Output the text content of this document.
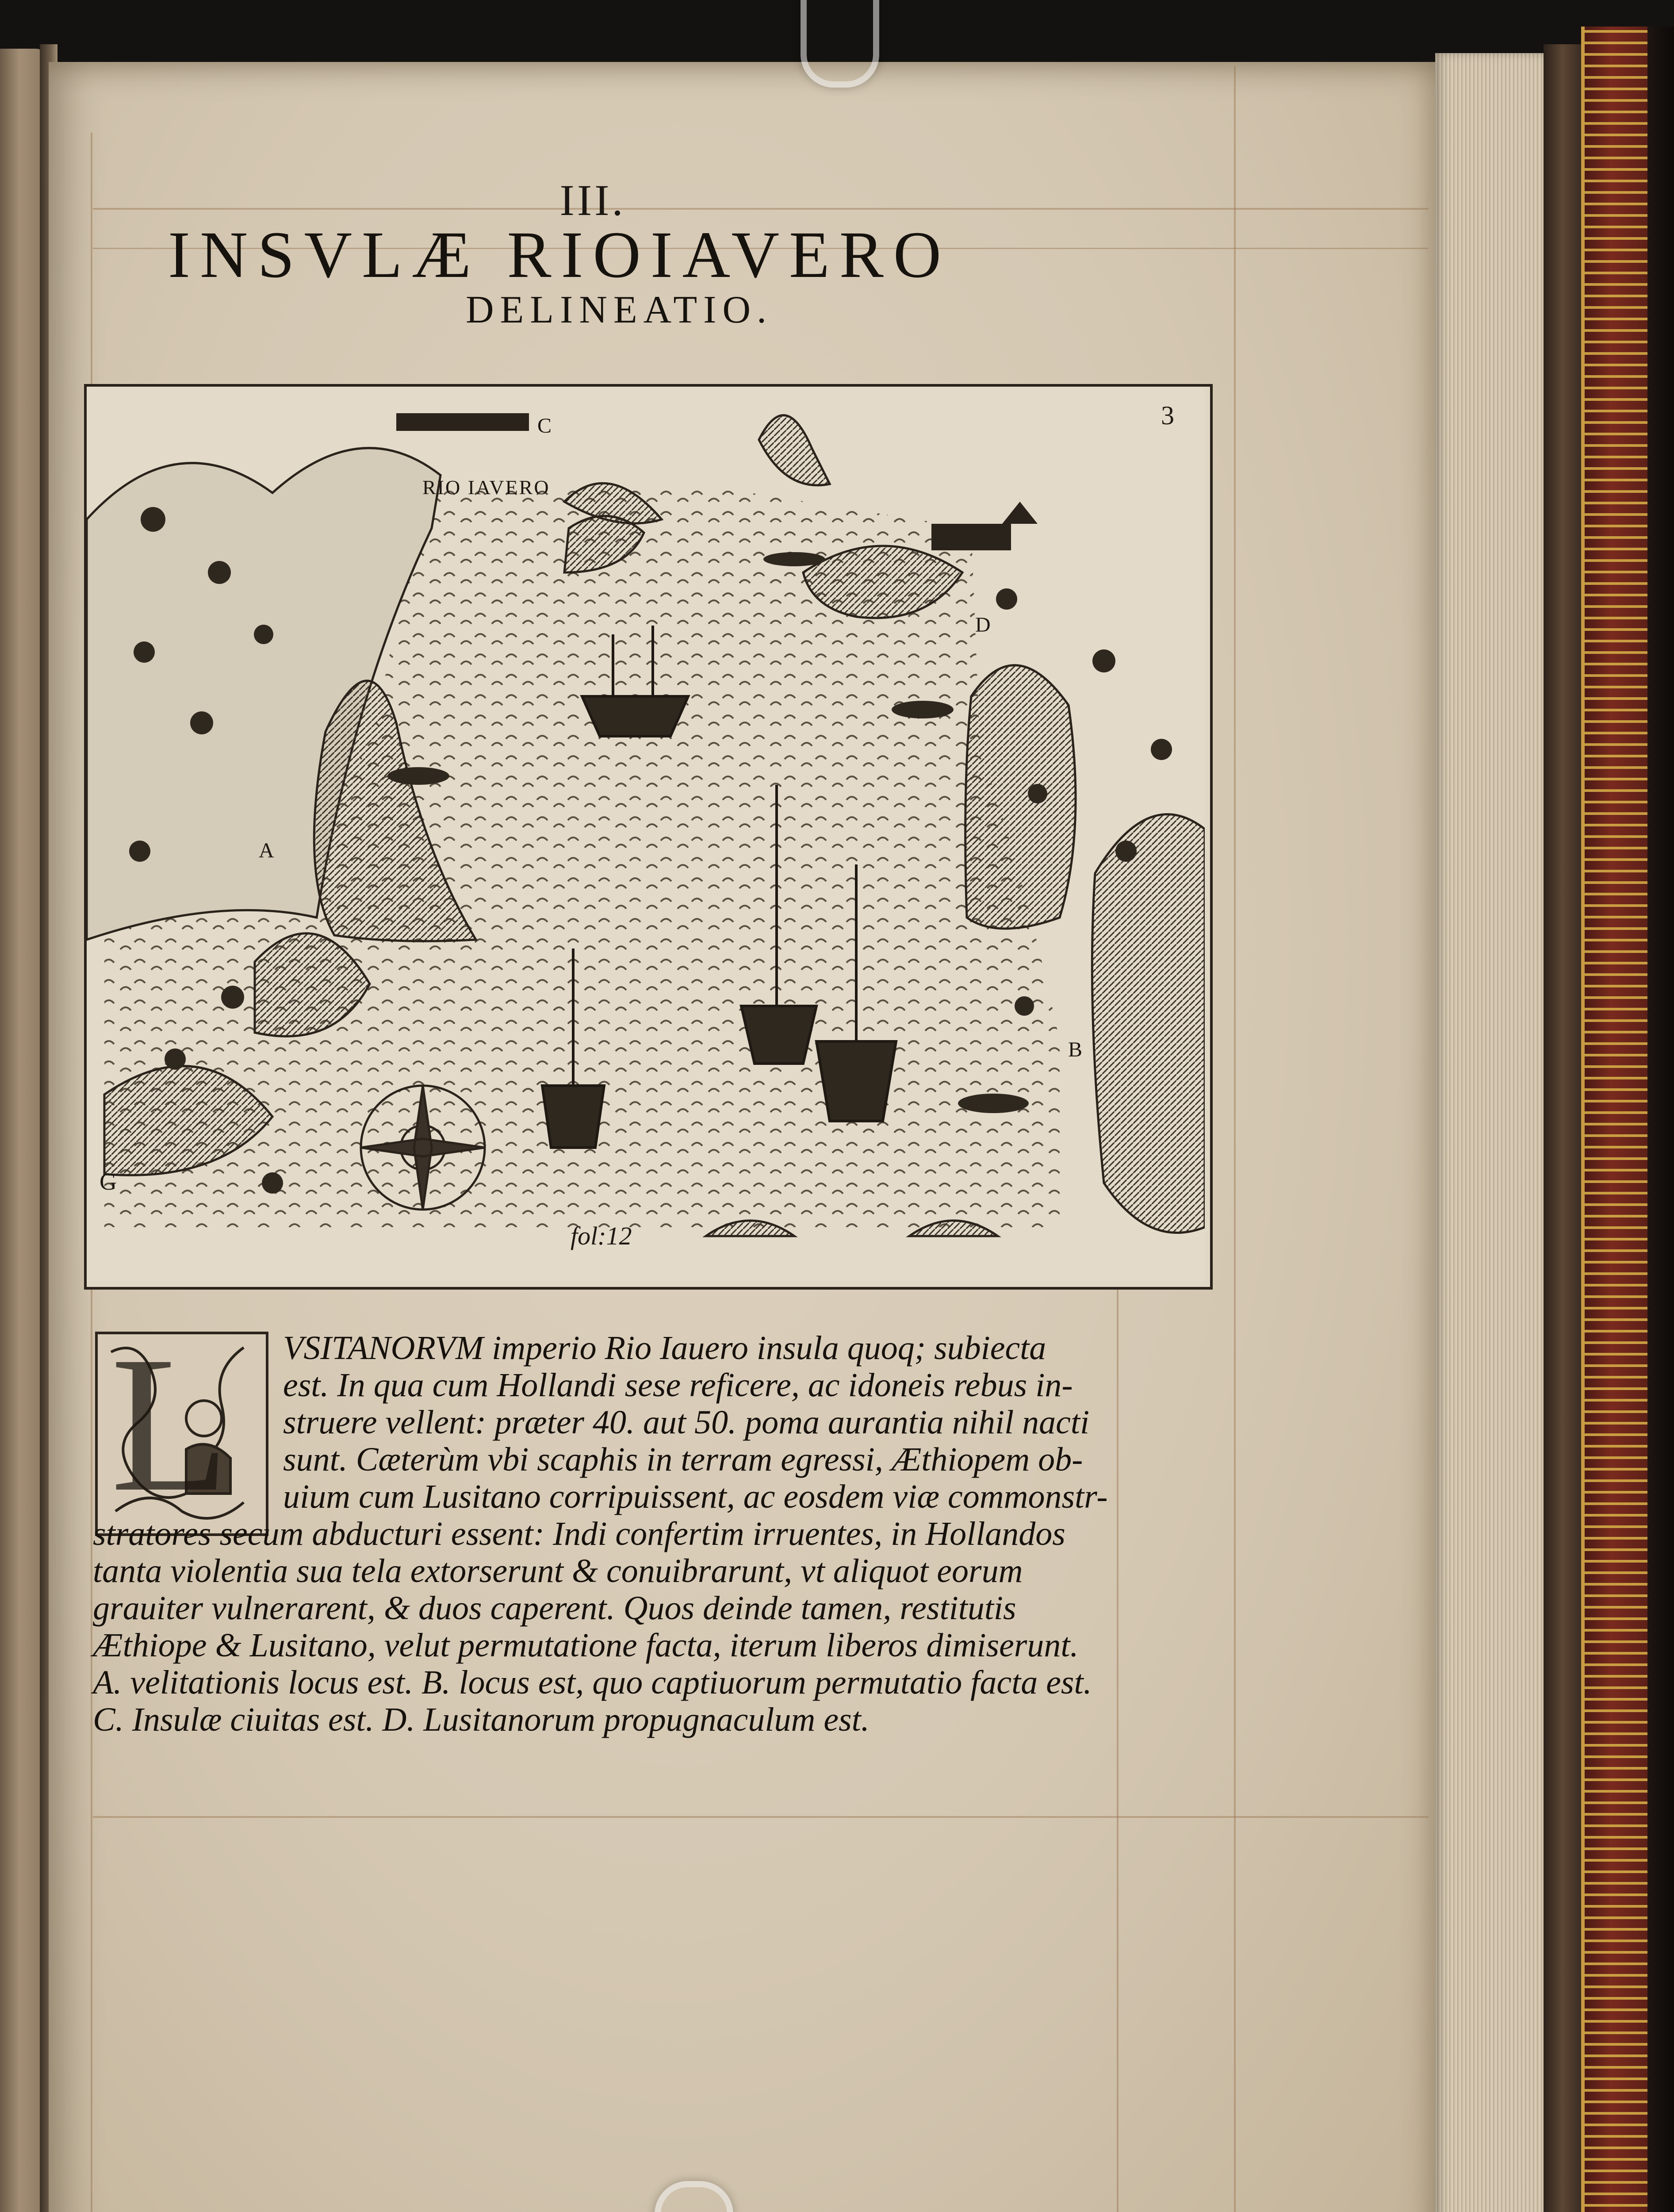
III.
INSVLÆ RIOIAVERO
DELINEATIO.
3
RIO IAVERO
A
B
C
D
fol:12
G
L VSITANORVM imperio Rio Iauero insula quoq; subiecta
est. In qua cum Hollandi sese reficere, ac idoneis rebus in-
struere vellent: præter 40. aut 50. poma aurantia nihil nacti
sunt. Cæterùm vbi scaphis in terram egressi, Æthiopem ob-
uium cum Lusitano corripuissent, ac eosdem viæ commonstr-
stratores secum abducturi essent: Indi confertim irruentes, in Hollandos
tanta violentia sua tela extorserunt & conuibrarunt, vt aliquot eorum
grauiter vulnerarent, & duos caperent. Quos deinde tamen, restitutis
Æthiope & Lusitano, velut permutatione facta, iterum liberos dimiserunt.
A. velitationis locus est. B. locus est, quo captiuorum permutatio facta est.
C. Insulæ ciuitas est. D. Lusitanorum propugnaculum est.
